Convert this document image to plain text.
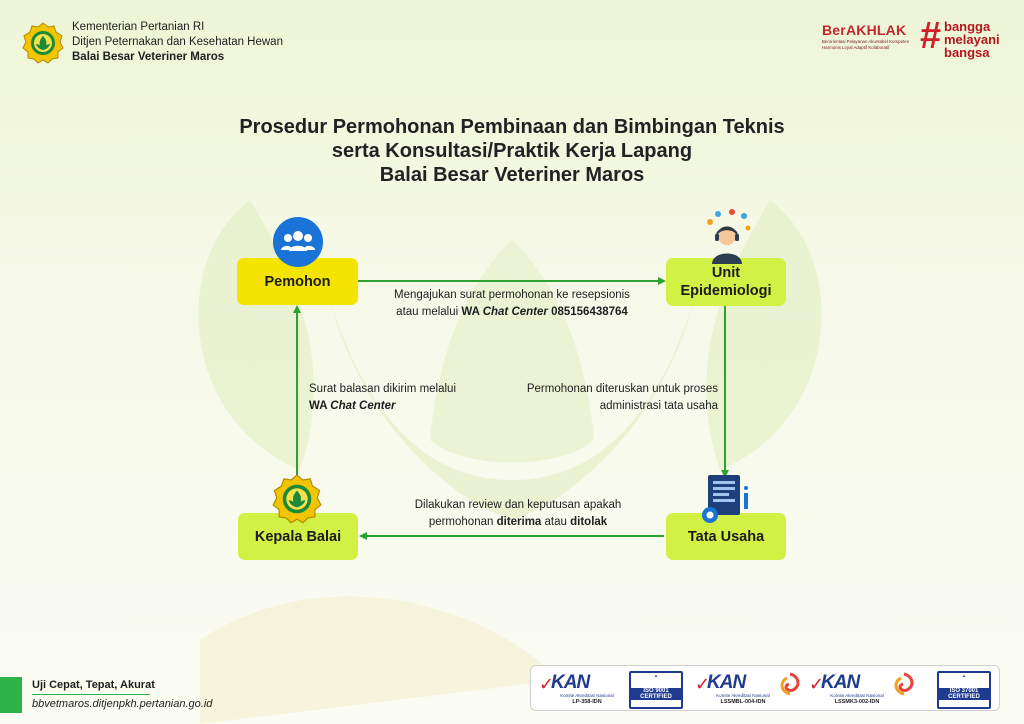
Kementerian Pertanian RI
Ditjen Peternakan dan Kesehatan Hewan
Balai Besar Veteriner Maros
BerAKHLAK
Berorientasi Pelayanan Akuntabel Kompeten
Harmonis Loyal Adaptif Kolaboratif # bangga
melayani
bangsa
Prosedur Permohonan Pembinaan dan Bimbingan Teknis
serta Konsultasi/Praktik Kerja Lapang
Balai Besar Veteriner Maros
Pemohon
Unit
Epidemiologi
Tata Usaha
Kepala Balai
Mengajukan surat permohonan ke resepsionis
atau melalui WA Chat Center 085156438764
Permohonan diteruskan untuk proses
administrasi tata usaha
Dilakukan review dan keputusan apakah
permohonan diterima atau ditolak
Surat balasan dikirim melalui
WA Chat Center
Uji Cepat, Tepat, Akurat
bbvetmaros.ditjenpkh.pertanian.go.id
✓
KAN
Komite Akreditasi Nasional
LP-358-IDN
▲
ISO 9001
CERTIFIED
✓
KAN
Komite Akreditasi Nasional
LSSMBL-004-IDN
✓
KAN
Komite Akreditasi Nasional
LSSMK3-002-IDN
▲
ISO 37001
CERTIFIED
